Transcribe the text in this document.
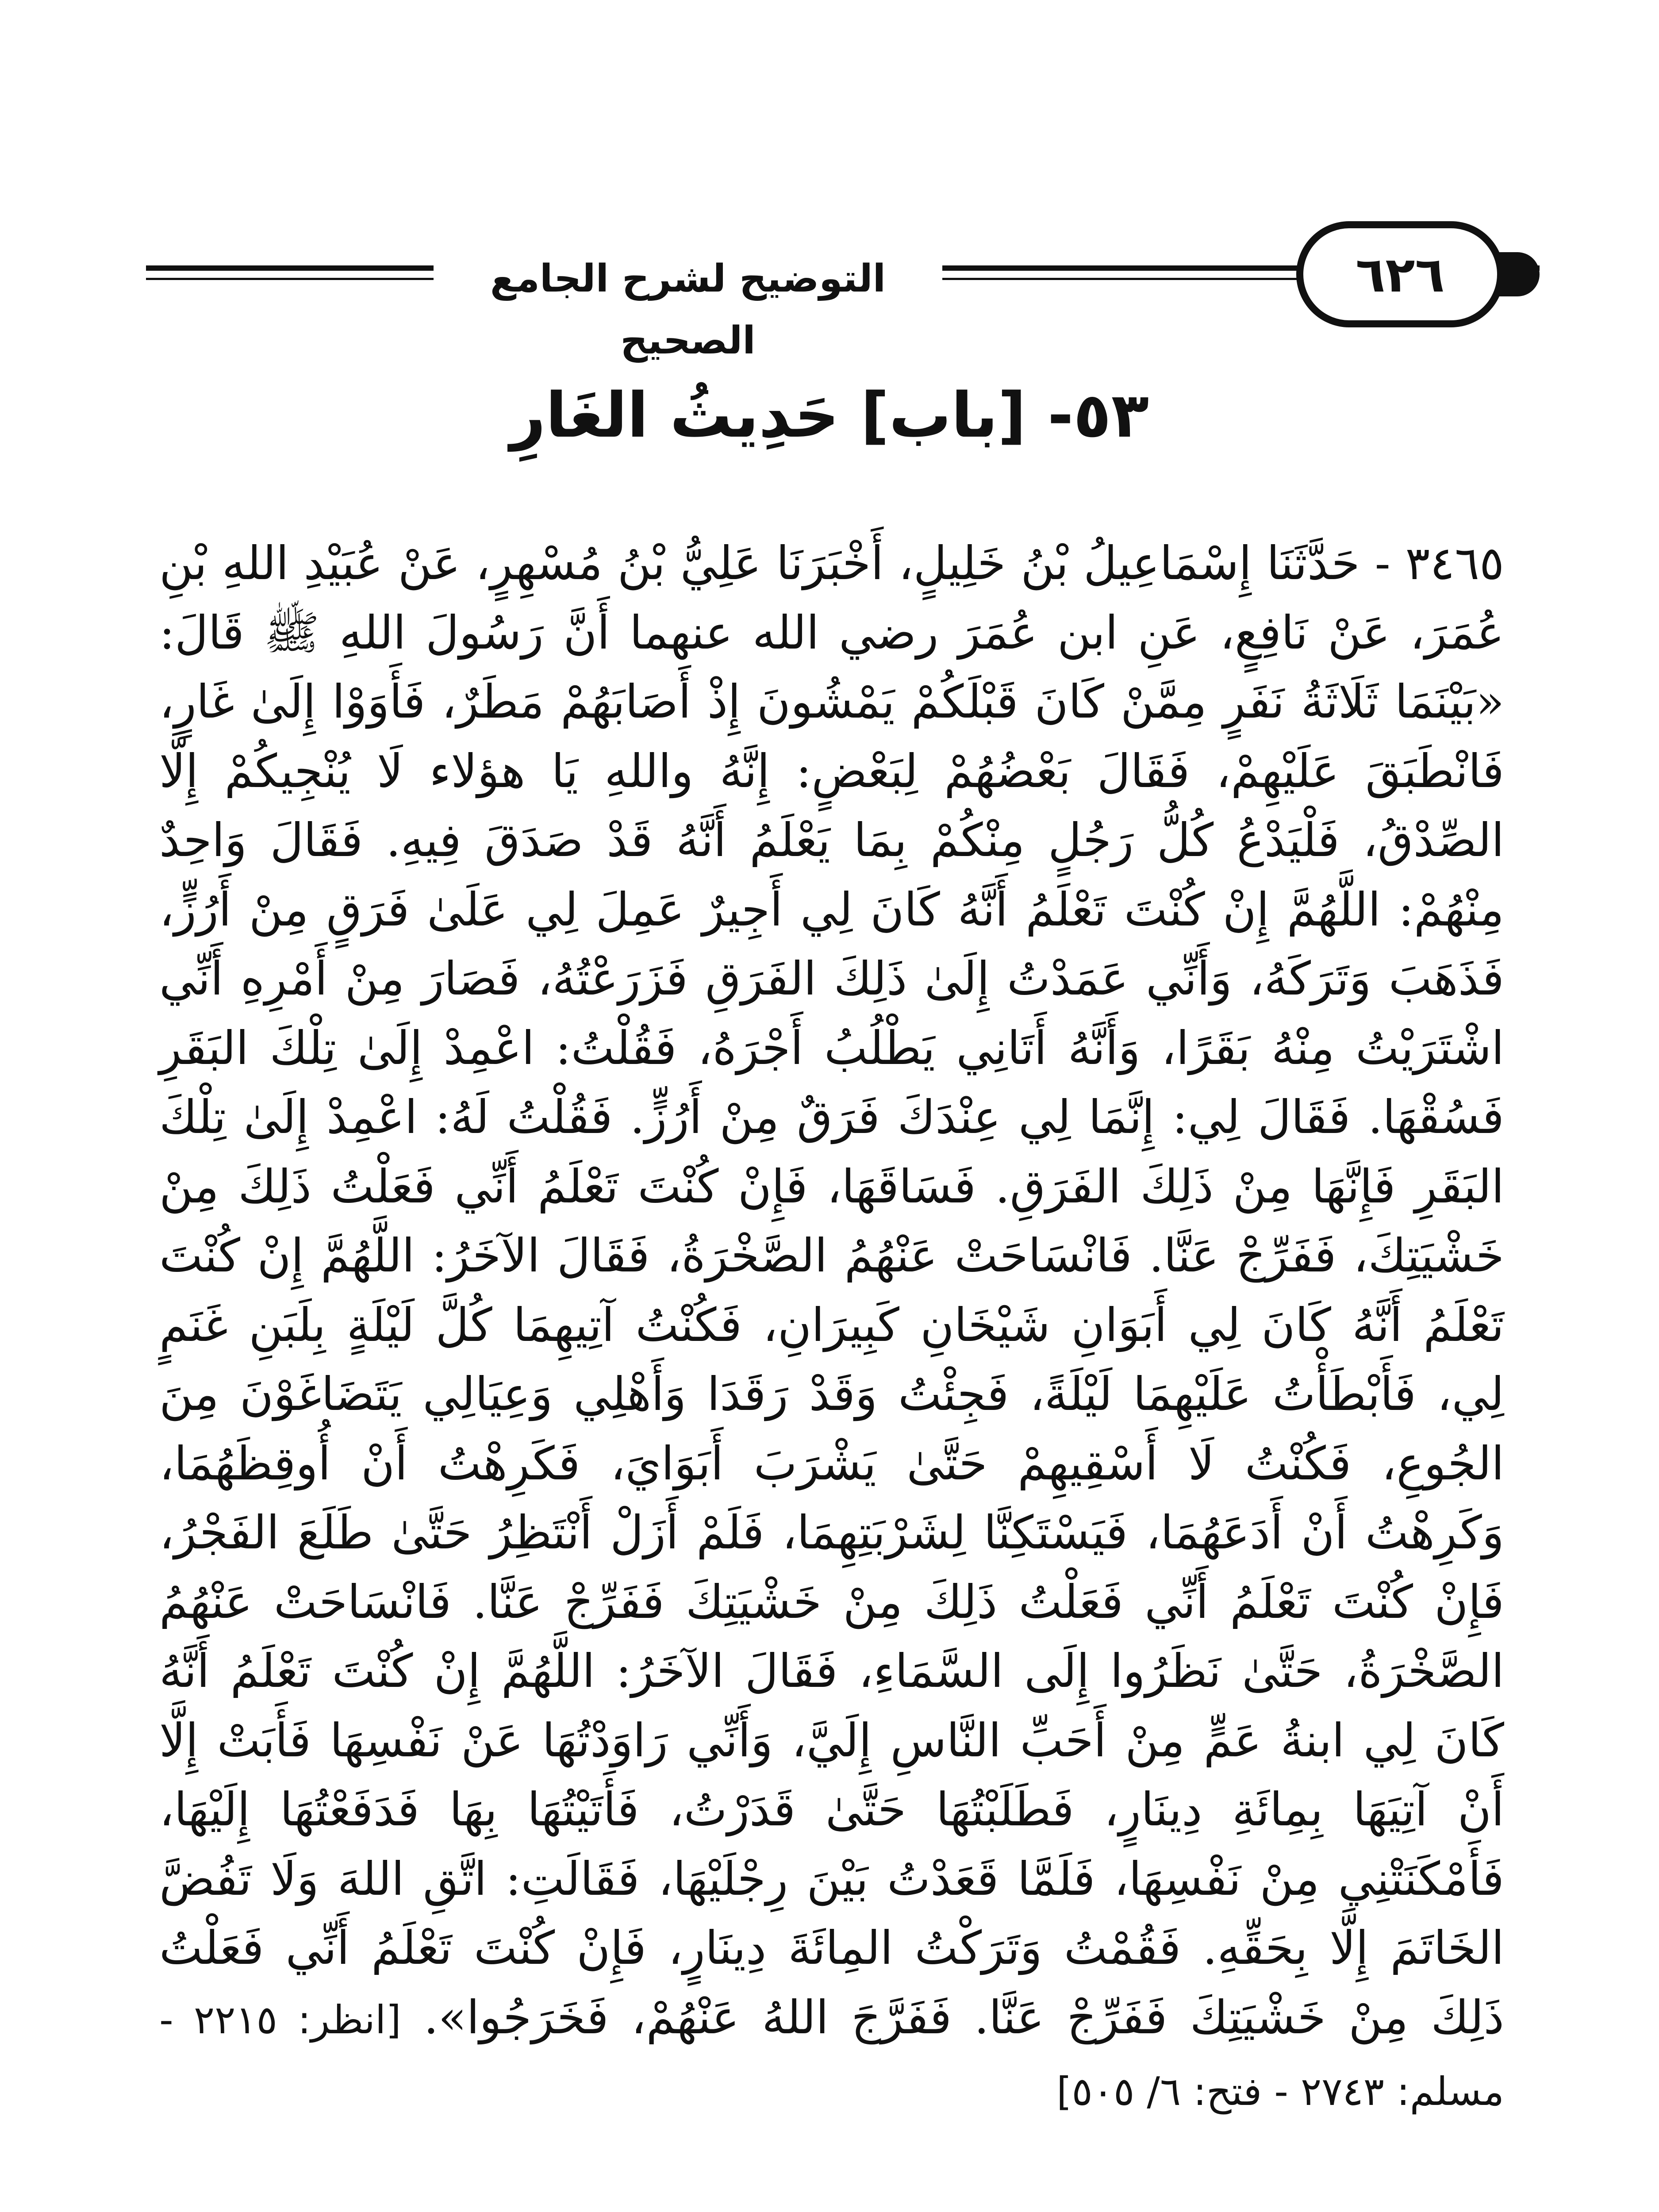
التوضيح لشرح الجامع الصحيح
٦٢٦
٥٣- [باب] حَدِيثُ الغَارِ

٣٤٦٥ - حَدَّثَنَا إِسْمَاعِيلُ بْنُ خَلِيلٍ، أَخْبَرَنَا عَلِيُّ بْنُ مُسْهِرٍ، عَنْ عُبَيْدِ اللهِ بْنِ عُمَرَ، عَنْ نَافِعٍ، عَنِ ابن عُمَرَ رضي الله عنهما أَنَّ رَسُولَ اللهِ ﷺ قَالَ: «بَيْنَمَا ثَلَاثَةُ نَفَرٍ مِمَّنْ كَانَ قَبْلَكُمْ يَمْشُونَ إِذْ أَصَابَهُمْ مَطَرٌ، فَأَوَوْا إِلَىٰ غَارٍ، فَانْطَبَقَ عَلَيْهِمْ، فَقَالَ بَعْضُهُمْ لِبَعْضٍ: إِنَّهُ واللهِ يَا هؤلاء لَا يُنْجِيكُمْ إِلَّا الصِّدْقُ، فَلْيَدْعُ كُلُّ رَجُلٍ مِنْكُمْ بِمَا يَعْلَمُ أَنَّهُ قَدْ صَدَقَ فِيهِ. فَقَالَ وَاحِدٌ مِنْهُمْ: اللَّهُمَّ إِنْ كُنْتَ تَعْلَمُ أَنَّهُ كَانَ لِي أَجِيرٌ عَمِلَ لِي عَلَىٰ فَرَقٍ مِنْ أَرُزٍّ، فَذَهَبَ وَتَرَكَهُ، وَأَنِّي عَمَدْتُ إِلَىٰ ذَلِكَ الفَرَقِ فَزَرَعْتُهُ، فَصَارَ مِنْ أَمْرِهِ أَنِّي اشْتَرَيْتُ مِنْهُ بَقَرًا، وَأَنَّهُ أَتَانِي يَطْلُبُ أَجْرَهُ، فَقُلْتُ: اعْمِدْ إِلَىٰ تِلْكَ البَقَرِ فَسُقْهَا. فَقَالَ لِي: إِنَّمَا لِي عِنْدَكَ فَرَقٌ مِنْ أَرُزٍّ. فَقُلْتُ لَهُ: اعْمِدْ إِلَىٰ تِلْكَ البَقَرِ فَإِنَّهَا مِنْ ذَلِكَ الفَرَقِ. فَسَاقَهَا، فَإِنْ كُنْتَ تَعْلَمُ أَنِّي فَعَلْتُ ذَلِكَ مِنْ خَشْيَتِكَ، فَفَرِّجْ عَنَّا. فَانْسَاحَتْ عَنْهُمُ الصَّخْرَةُ، فَقَالَ الآخَرُ: اللَّهُمَّ إِنْ كُنْتَ تَعْلَمُ أَنَّهُ كَانَ لِي أَبَوَانِ شَيْخَانِ كَبِيرَانِ، فَكُنْتُ آتِيهِمَا كُلَّ لَيْلَةٍ بِلَبَنِ غَنَمٍ لِي، فَأَبْطَأْتُ عَلَيْهِمَا لَيْلَةً، فَجِئْتُ وَقَدْ رَقَدَا وَأَهْلِي وَعِيَالِي يَتَضَاغَوْنَ مِنَ الجُوعِ، فَكُنْتُ لَا أَسْقِيهِمْ حَتَّىٰ يَشْرَبَ أَبَوَايَ، فَكَرِهْتُ أَنْ أُوقِظَهُمَا، وَكَرِهْتُ أَنْ أَدَعَهُمَا، فَيَسْتَكِنَّا لِشَرْبَتِهِمَا، فَلَمْ أَزَلْ أَنْتَظِرُ حَتَّىٰ طَلَعَ الفَجْرُ، فَإِنْ كُنْتَ تَعْلَمُ أَنِّي فَعَلْتُ ذَلِكَ مِنْ خَشْيَتِكَ فَفَرِّجْ عَنَّا. فَانْسَاحَتْ عَنْهُمُ الصَّخْرَةُ، حَتَّىٰ نَظَرُوا إِلَى السَّمَاءِ، فَقَالَ الآخَرُ: اللَّهُمَّ إِنْ كُنْتَ تَعْلَمُ أَنَّهُ كَانَ لِي ابنةُ عَمٍّ مِنْ أَحَبِّ النَّاسِ إِلَيَّ، وَأَنِّي رَاوَدْتُهَا عَنْ نَفْسِهَا فَأَبَتْ إِلَّا أَنْ آتِيَهَا بِمِائَةِ دِينَارٍ، فَطَلَبْتُهَا حَتَّىٰ قَدَرْتُ، فَأَتَيْتُهَا بِهَا فَدَفَعْتُهَا إِلَيْهَا، فَأَمْكَنَتْنِي مِنْ نَفْسِهَا، فَلَمَّا قَعَدْتُ بَيْنَ رِجْلَيْهَا، فَقَالَتِ: اتَّقِ اللهَ وَلَا تَفُضَّ الخَاتَمَ إِلَّا بِحَقِّهِ. فَقُمْتُ وَتَرَكْتُ المِائَةَ دِينَارٍ، فَإِنْ كُنْتَ تَعْلَمُ أَنِّي فَعَلْتُ ذَلِكَ مِنْ خَشْيَتِكَ فَفَرِّجْ عَنَّا. فَفَرَّجَ اللهُ عَنْهُمْ، فَخَرَجُوا». [انظر: ٢٢١٥ - مسلم: ٢٧٤٣ - فتح: ٦/ ٥٠٥]
